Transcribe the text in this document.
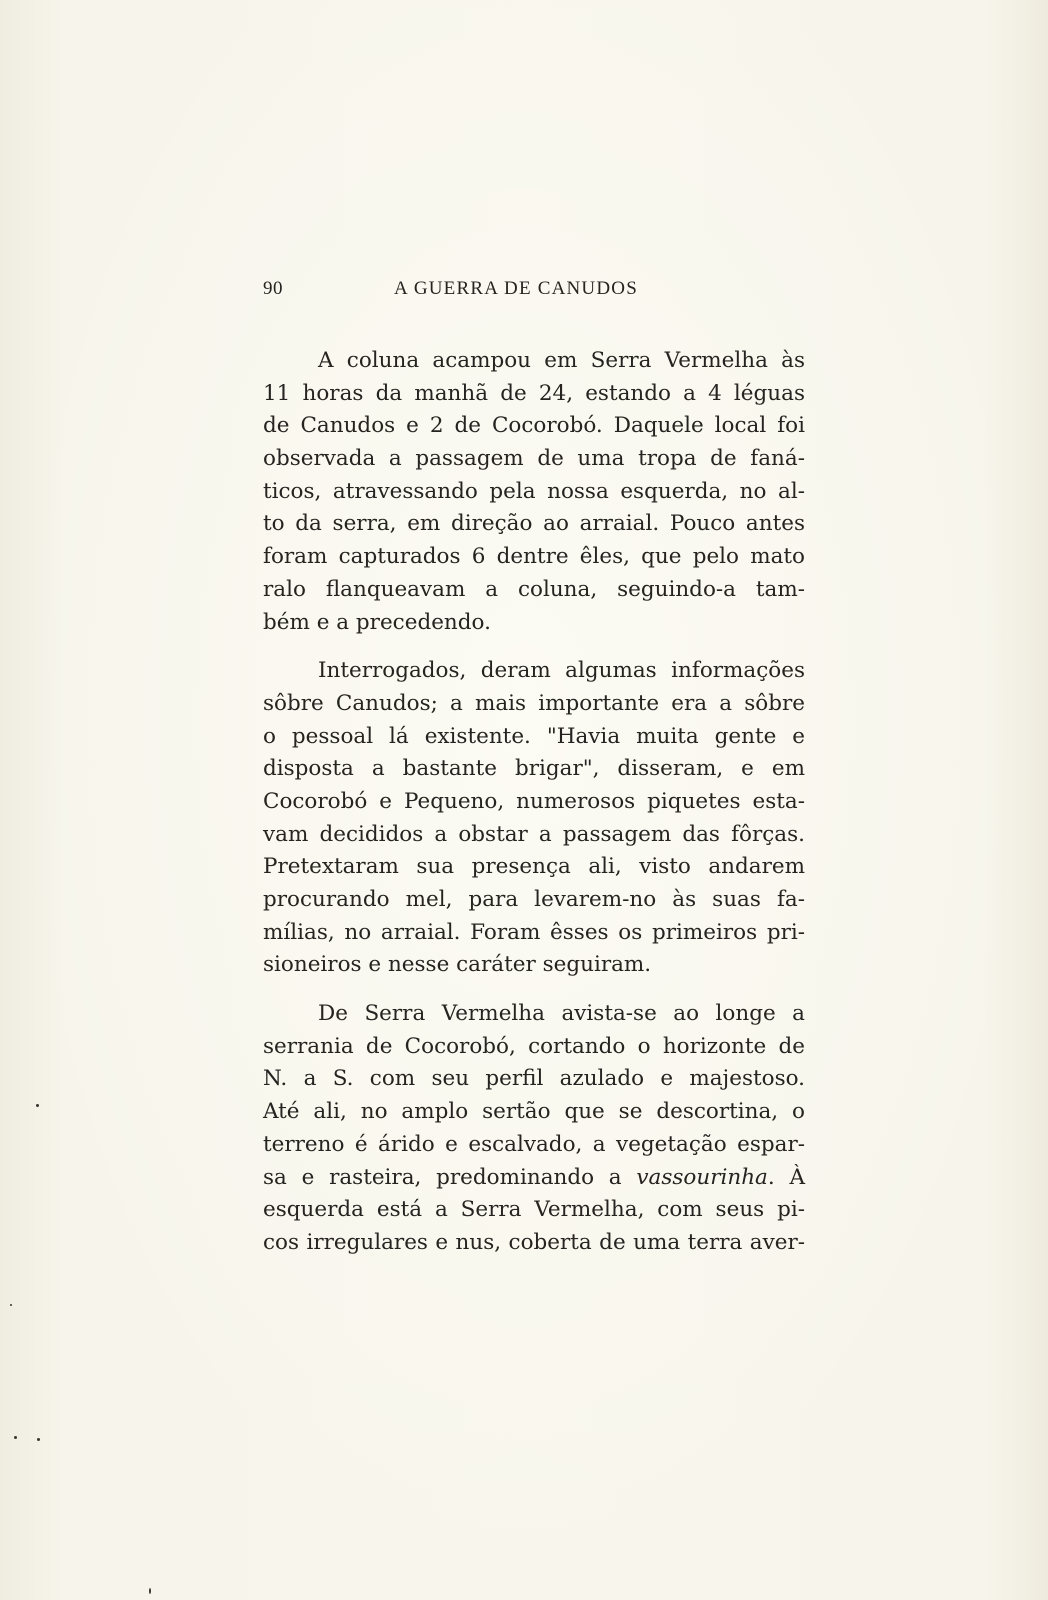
90	A GUERRA DE CANUDOS

A coluna acampou em Serra Vermelha às
11 horas da manhã de 24, estando a 4 léguas
de Canudos e 2 de Cocorobó. Daquele local foi
observada a passagem de uma tropa de faná-
ticos, atravessando pela nossa esquerda, no al-
to da serra, em direção ao arraial. Pouco antes
foram capturados 6 dentre êles, que pelo mato
ralo flanqueavam a coluna, seguindo-a tam-
bém e a precedendo.

Interrogados, deram algumas informações
sôbre Canudos; a mais importante era a sôbre
o pessoal lá existente. "Havia muita gente e
disposta a bastante brigar", disseram, e em
Cocorobó e Pequeno, numerosos piquetes esta-
vam decididos a obstar a passagem das fôrças.
Pretextaram sua presença ali, visto andarem
procurando mel, para levarem-no às suas fa-
mílias, no arraial. Foram êsses os primeiros pri-
sioneiros e nesse caráter seguiram.

De Serra Vermelha avista-se ao longe a
serrania de Cocorobó, cortando o horizonte de
N. a S. com seu perfil azulado e majestoso.
Até ali, no amplo sertão que se descortina, o
terreno é árido e escalvado, a vegetação espar-
sa e rasteira, predominando a vassourinha. À
esquerda está a Serra Vermelha, com seus pi-
cos irregulares e nus, coberta de uma terra aver-
